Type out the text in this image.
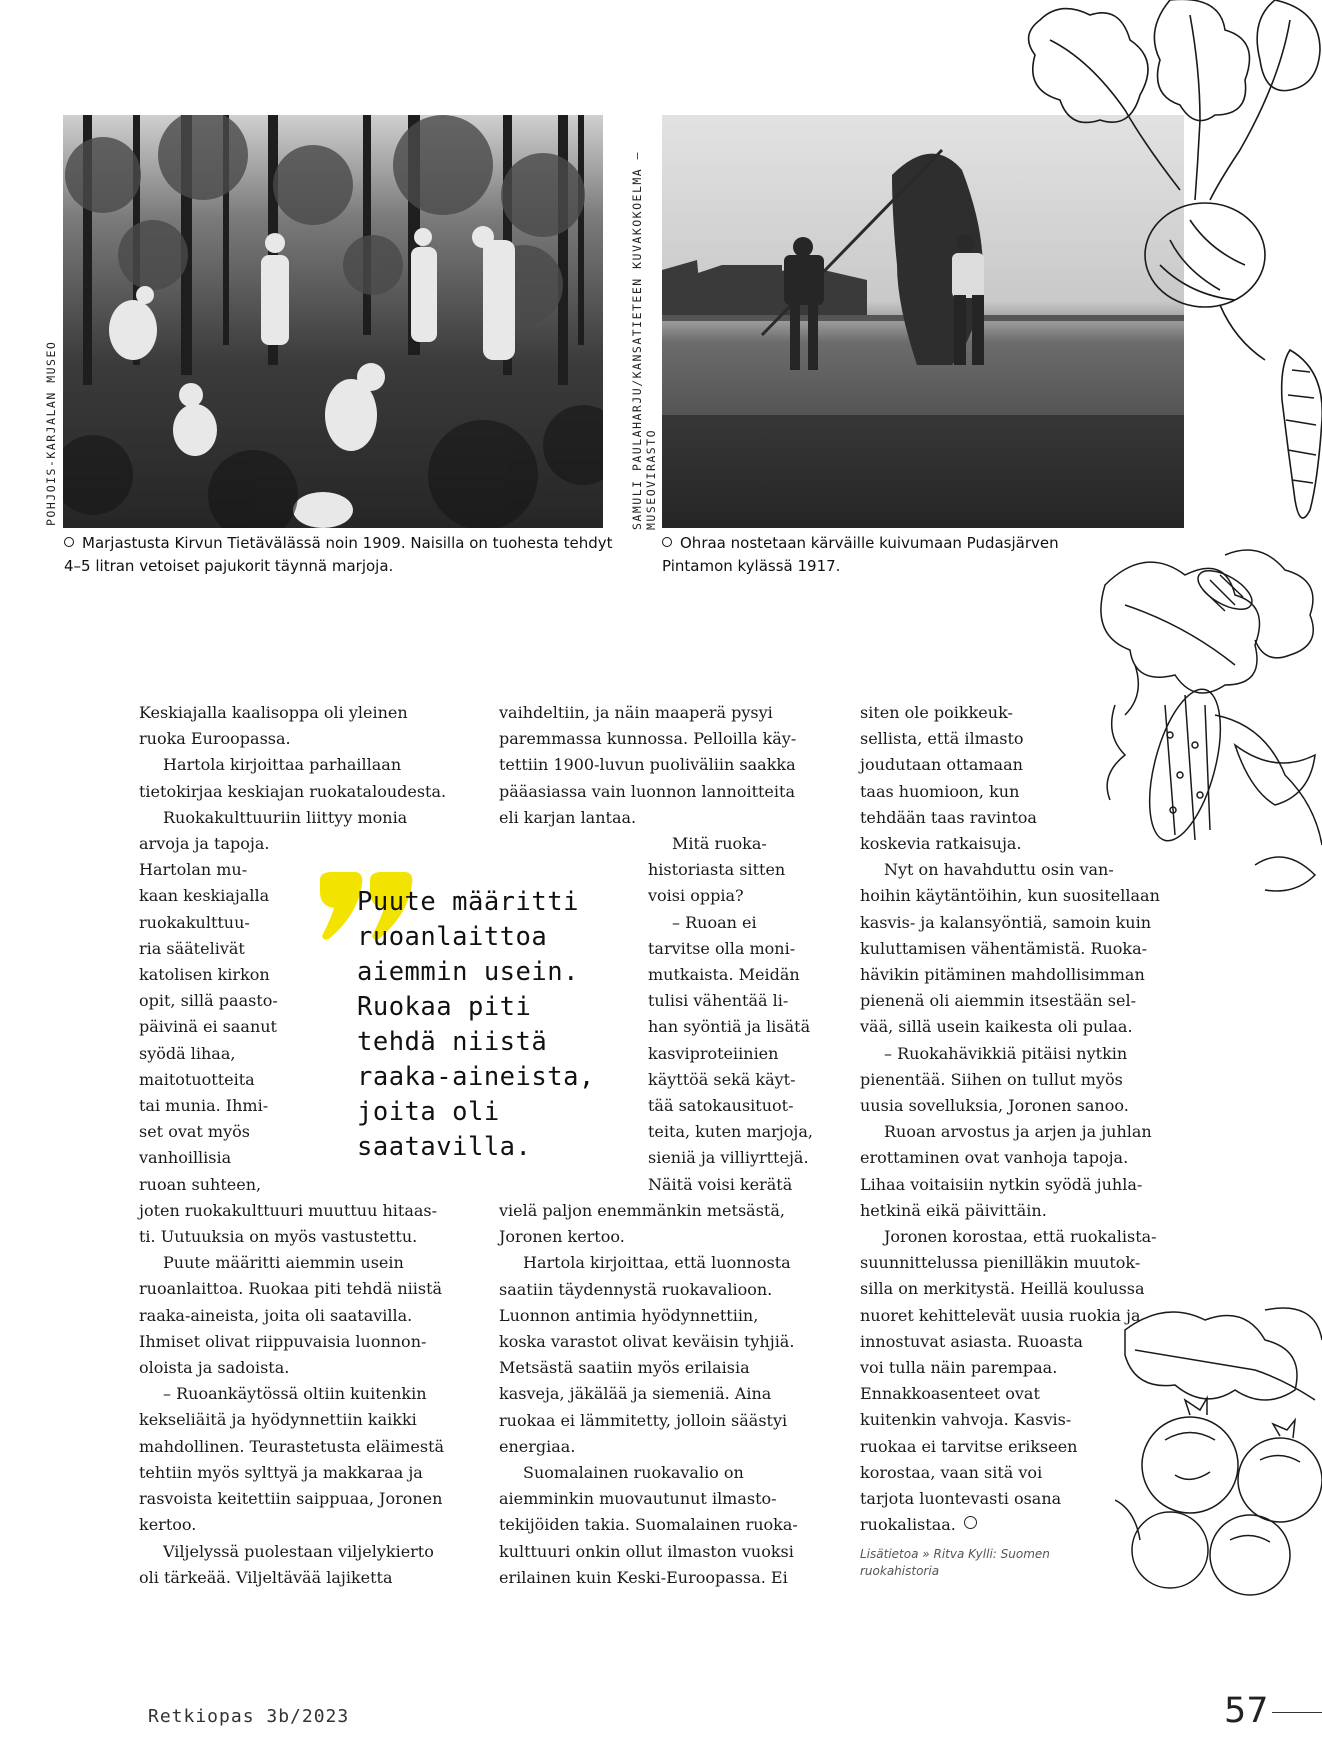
POHJOIS-KARJALAN MUSEO
Marjastusta Kirvun Tietävälässä noin 1909. Naisilla on tuohesta tehdyt
4–5 litran vetoiset pajukorit täynnä marjoja.
SAMULI PAULAHARJU/KANSATIETEEN KUVAKOKOELMA – MUSEOVIRASTO
Ohraa nostetaan kärväille kuivumaan Pudasjärven
Pintamon kylässä 1917.

Keskiajalla kaalisoppa oli yleinen

ruoka Euroopassa.

Hartola kirjoittaa parhaillaan

tietokirjaa keskiajan ruokataloudesta.

Ruokakulttuuriin liittyy monia

arvoja ja tapoja.

Hartolan mu-

kaan keskiajalla

ruokakulttuu-

ria säätelivät

katolisen kirkon

opit, sillä paasto-

päivinä ei saanut

syödä lihaa,

maitotuotteita

tai munia. Ihmi-

set ovat myös

vanhoillisia

ruoan suhteen,

joten ruokakulttuuri muuttuu hitaas-

ti. Uutuuksia on myös vastustettu.

Puute määritti aiemmin usein

ruoanlaittoa. Ruokaa piti tehdä niistä

raaka-aineista, joita oli saatavilla.

Ihmiset olivat riippuvaisia luonnon-

oloista ja sadoista.

– Ruoankäytössä oltiin kuitenkin

kekseliäitä ja hyödynnettiin kaikki

mahdollinen. Teurastetusta eläimestä

tehtiin myös sylttyä ja makkaraa ja

rasvoista keitettiin saippuaa, Joronen

kertoo.

Viljelyssä puolestaan viljelykierto

oli tärkeää. Viljeltävää lajiketta

vaihdeltiin, ja näin maaperä pysyi

paremmassa kunnossa. Pelloilla käy-

tettiin 1900-luvun puoliväliin saakka

pääasiassa vain luonnon lannoitteita

eli karjan lantaa.

Mitä ruoka-

historiasta sitten

voisi oppia?

– Ruoan ei

tarvitse olla moni-

mutkaista. Meidän

tulisi vähentää li-

han syöntiä ja lisätä

kasviproteiinien

käyttöä sekä käyt-

tää satokausituot-

teita, kuten marjoja,

sieniä ja villiyrttejä.

Näitä voisi kerätä

vielä paljon enemmänkin metsästä,

Joronen kertoo.

Hartola kirjoittaa, että luonnosta

saatiin täydennystä ruokavalioon.

Luonnon antimia hyödynnettiin,

koska varastot olivat keväisin tyhjiä.

Metsästä saatiin myös erilaisia

kasveja, jäkälää ja siemeniä. Aina

ruokaa ei lämmitetty, jolloin säästyi

energiaa.

Suomalainen ruokavalio on

aiemminkin muovautunut ilmasto-

tekijöiden takia. Suomalainen ruoka-

kulttuuri onkin ollut ilmaston vuoksi

erilainen kuin Keski-Euroopassa. Ei

siten ole poikkeuk-

sellista, että ilmasto

joudutaan ottamaan

taas huomioon, kun

tehdään taas ravintoa

koskevia ratkaisuja.

Nyt on havahduttu osin van-

hoihin käytäntöihin, kun suositellaan

kasvis- ja kalansyöntiä, samoin kuin

kuluttamisen vähentämistä. Ruoka-

hävikin pitäminen mahdollisimman

pienenä oli aiemmin itsestään sel-

vää, sillä usein kaikesta oli pulaa.

– Ruokahävikkiä pitäisi nytkin

pienentää. Siihen on tullut myös

uusia sovelluksia, Joronen sanoo.

Ruoan arvostus ja arjen ja juhlan

erottaminen ovat vanhoja tapoja.

Lihaa voitaisiin nytkin syödä juhla-

hetkinä eikä päivittäin.

Joronen korostaa, että ruokalista-

suunnittelussa pienilläkin muutok-

silla on merkitystä. Heillä koulussa

nuoret kehittelevät uusia ruokia ja

innostuvat asiasta. Ruoasta

voi tulla näin parempaa.

Ennakkoasenteet ovat

kuitenkin vahvoja. Kasvis-

ruokaa ei tarvitse erikseen

korostaa, vaan sitä voi

tarjota luontevasti osana

ruokalistaa.

Puute määritti

ruoanlaittoa

aiemmin usein.

Ruokaa piti

tehdä niistä

raaka-aineista,

joita oli

saatavilla.

Lisätietoa » Ritva Kylli: Suomen
ruokahistoria
Retkiopas 3b/2023	57
